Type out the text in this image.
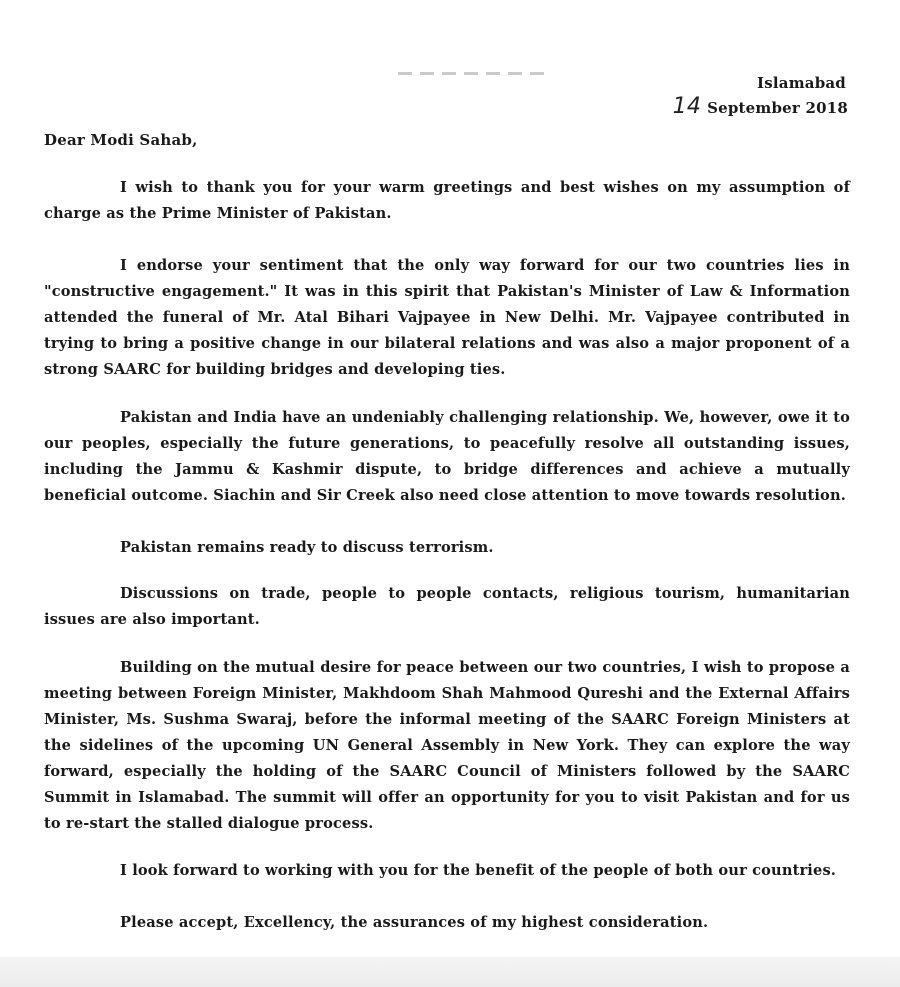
Islamabad
14 September 2018
Dear Modi Sahab,

I wish to thank you for your warm greetings and best wishes on my assumption of charge as the Prime Minister of Pakistan.

I endorse your sentiment that the only way forward for our two countries lies in "constructive engagement." It was in this spirit that Pakistan's Minister of Law & Information attended the funeral of Mr. Atal Bihari Vajpayee in New Delhi. Mr. Vajpayee contributed in trying to bring a positive change in our bilateral relations and was also a major proponent of a strong SAARC for building bridges and developing ties.

Pakistan and India have an undeniably challenging relationship. We, however, owe it to our peoples, especially the future generations, to peacefully resolve all outstanding issues, including the Jammu & Kashmir dispute, to bridge differences and achieve a mutually beneficial outcome. Siachin and Sir Creek also need close attention to move towards resolution.

Pakistan remains ready to discuss terrorism.

Discussions on trade, people to people contacts, religious tourism, humanitarian issues are also important.

Building on the mutual desire for peace between our two countries, I wish to propose a meeting between Foreign Minister, Makhdoom Shah Mahmood Qureshi and the External Affairs Minister, Ms. Sushma Swaraj, before the informal meeting of the SAARC Foreign Ministers at the sidelines of the upcoming UN General Assembly in New York. They can explore the way forward, especially the holding of the SAARC Council of Ministers followed by the SAARC Summit in Islamabad. The summit will offer an opportunity for you to visit Pakistan and for us to re-start the stalled dialogue process.

I look forward to working with you for the benefit of the people of both our countries.

Please accept, Excellency, the assurances of my highest consideration.
